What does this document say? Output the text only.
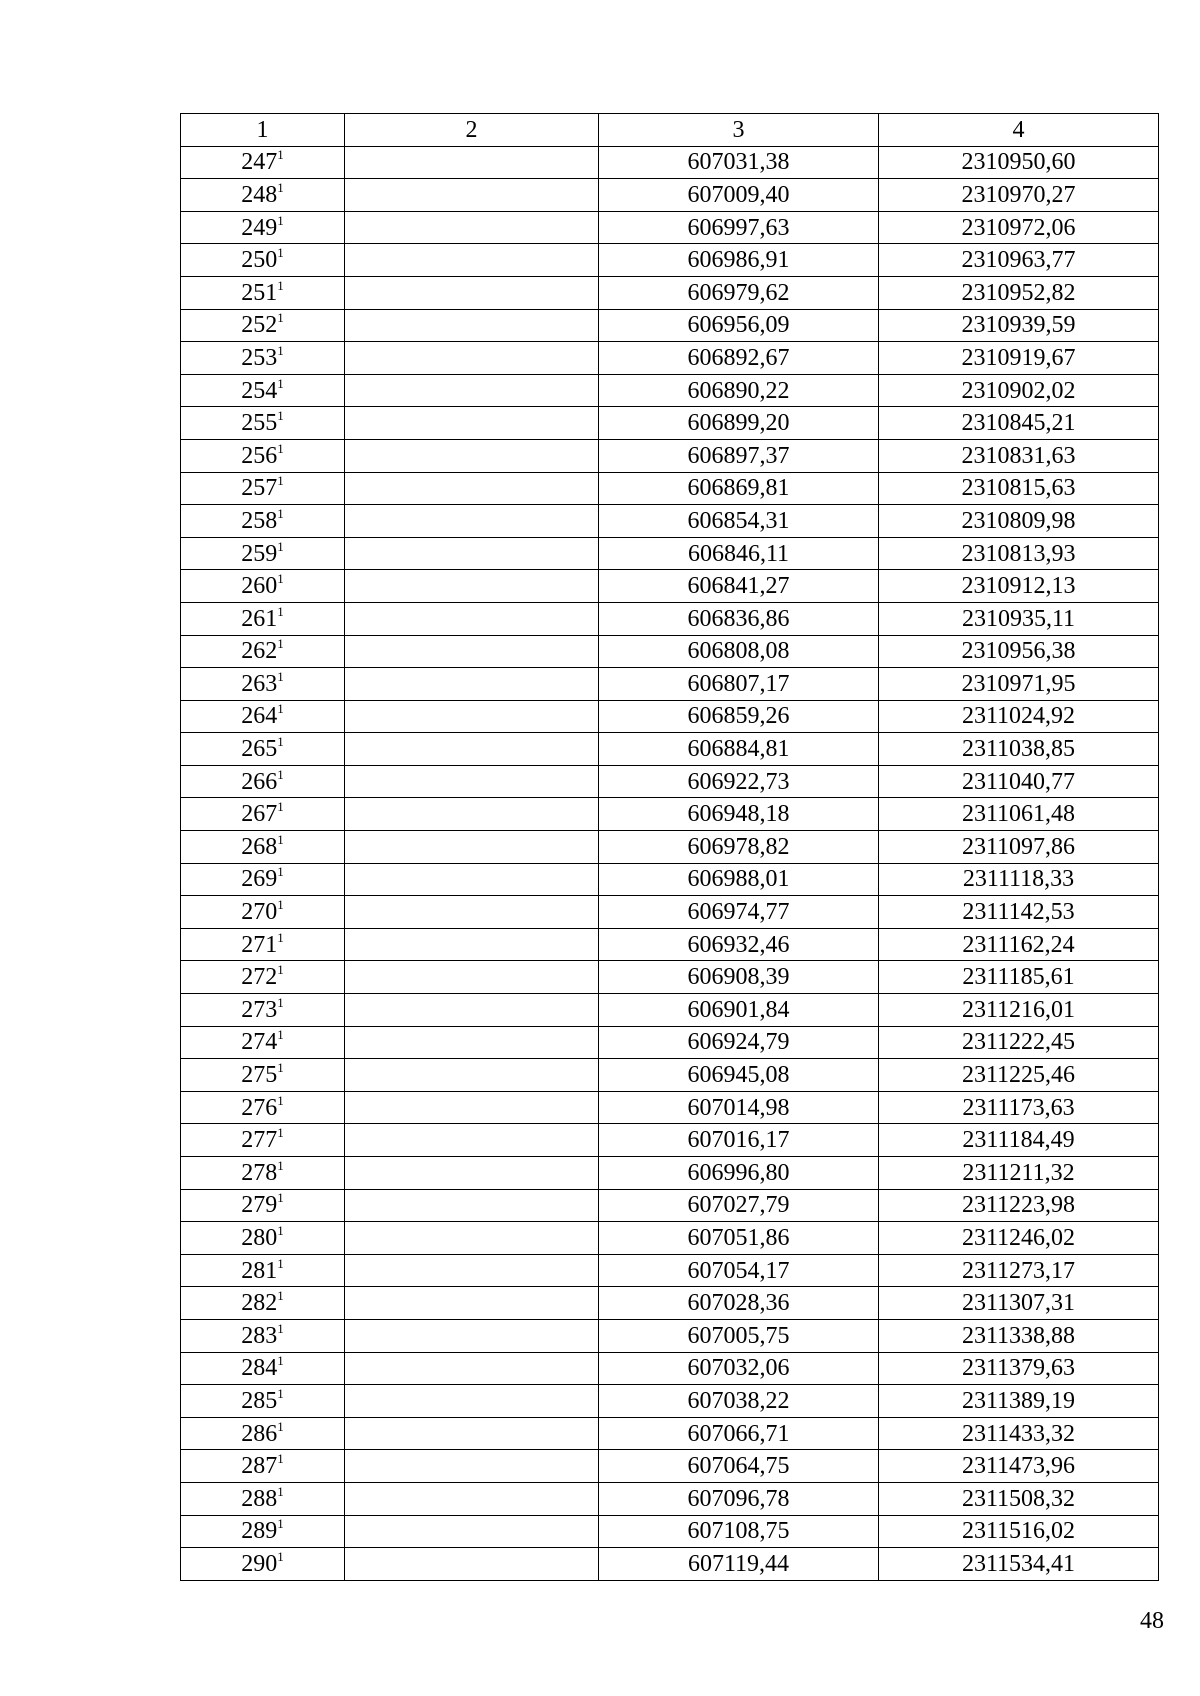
1	2	3	4
$247^1$		607031,38	2310950,60
$248^1$		607009,40	2310970,27
$249^1$		606997,63	2310972,06
$250^1$		606986,91	2310963,77
$251^1$		606979,62	2310952,82
$252^1$		606956,09	2310939,59
$253^1$		606892,67	2310919,67
$254^1$		606890,22	2310902,02
$255^1$		606899,20	2310845,21
$256^1$		606897,37	2310831,63
$257^1$		606869,81	2310815,63
$258^1$		606854,31	2310809,98
$259^1$		606846,11	2310813,93
$260^1$		606841,27	2310912,13
$261^1$		606836,86	2310935,11
$262^1$		606808,08	2310956,38
$263^1$		606807,17	2310971,95
$264^1$		606859,26	2311024,92
$265^1$		606884,81	2311038,85
$266^1$		606922,73	2311040,77
$267^1$		606948,18	2311061,48
$268^1$		606978,82	2311097,86
$269^1$		606988,01	2311118,33
$270^1$		606974,77	2311142,53
$271^1$		606932,46	2311162,24
$272^1$		606908,39	2311185,61
$273^1$		606901,84	2311216,01
$274^1$		606924,79	2311222,45
$275^1$		606945,08	2311225,46
$276^1$		607014,98	2311173,63
$277^1$		607016,17	2311184,49
$278^1$		606996,80	2311211,32
$279^1$		607027,79	2311223,98
$280^1$		607051,86	2311246,02
$281^1$		607054,17	2311273,17
$282^1$		607028,36	2311307,31
$283^1$		607005,75	2311338,88
$284^1$		607032,06	2311379,63
$285^1$		607038,22	2311389,19
$286^1$		607066,71	2311433,32
$287^1$		607064,75	2311473,96
$288^1$		607096,78	2311508,32
$289^1$		607108,75	2311516,02
$290^1$		607119,44	2311534,41
48
